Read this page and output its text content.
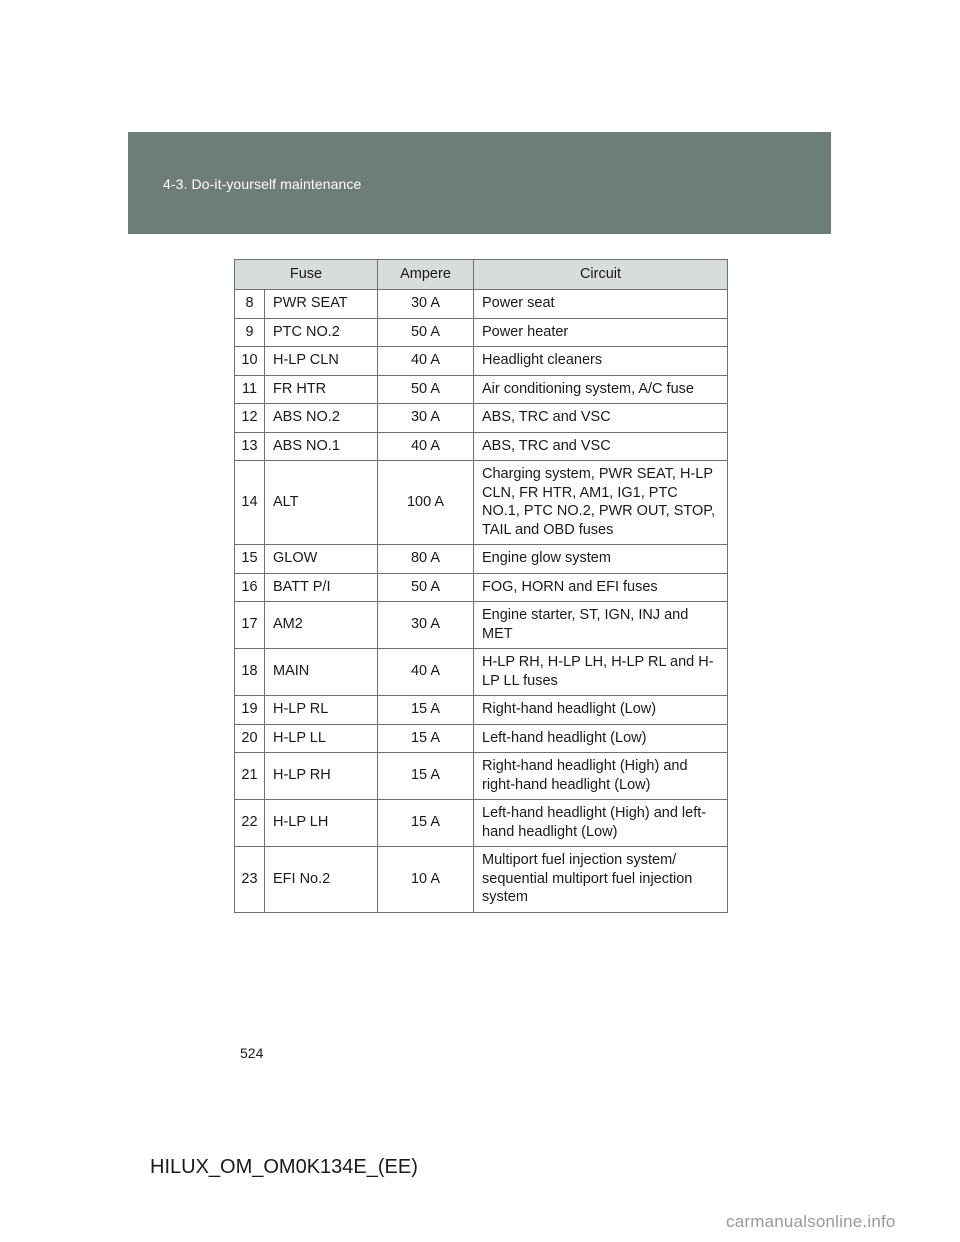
4-3. Do-it-yourself maintenance
Fuse		Ampere	Circuit
8	PWR SEAT	30 A	Power seat
9	PTC NO.2	50 A	Power heater
10	H-LP CLN	40 A	Headlight cleaners
11	FR HTR	50 A	Air conditioning system, A/C fuse
12	ABS NO.2	30 A	ABS, TRC and VSC
13	ABS NO.1	40 A	ABS, TRC and VSC
14	ALT	100 A	Charging system, PWR SEAT, H-LP CLN, FR HTR, AM1, IG1, PTC NO.1, PTC NO.2, PWR OUT, STOP, TAIL and OBD fuses
15	GLOW	80 A	Engine glow system
16	BATT P/I	50 A	FOG, HORN and EFI fuses
17	AM2	30 A	Engine starter, ST, IGN, INJ and MET
18	MAIN	40 A	H-LP RH, H-LP LH, H-LP RL and H-LP LL fuses
19	H-LP RL	15 A	Right-hand headlight (Low)
20	H-LP LL	15 A	Left-hand headlight (Low)
21	H-LP RH	15 A	Right-hand headlight (High) and right-hand headlight (Low)
22	H-LP LH	15 A	Left-hand headlight (High) and left-hand headlight (Low)
23	EFI No.2	10 A	Multiport fuel injection system/ sequential multiport fuel injection system
524
HILUX_OM_OM0K134E_(EE)
carmanualsonline.info
